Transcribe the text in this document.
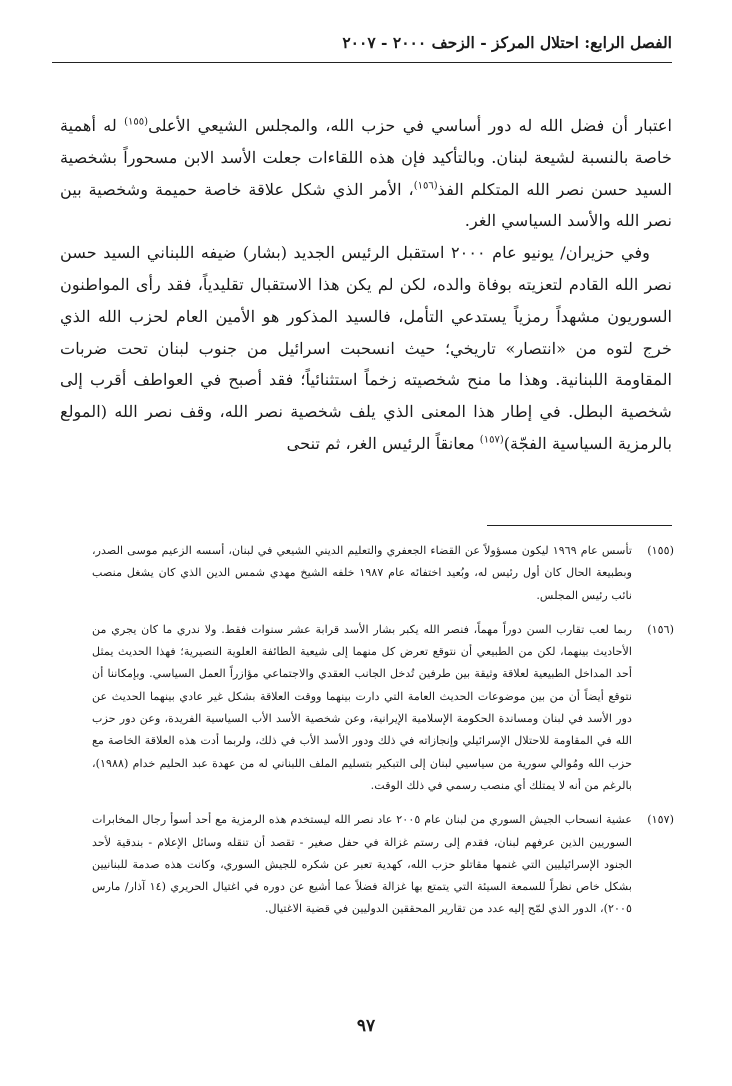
الفصل الرابع: احتلال المركز - الزحف ٢٠٠٠ - ٢٠٠٧

اعتبار أن فضل الله له دور أساسي في حزب الله، والمجلس الشيعي الأعلى$^{(١٥٥)}$ له أهمية خاصة بالنسبة لشيعة لبنان. وبالتأكيد فإن هذه اللقاءات جعلت الأسد الابن مسحوراً بشخصية السيد حسن نصر الله المتكلم الفذ$^{(١٥٦)}$، الأمر الذي شكل علاقة خاصة حميمة وشخصية بين نصر الله والأسد السياسي الغر.

وفي حزيران/ يونيو عام ٢٠٠٠ استقبل الرئيس الجديد (بشار) ضيفه اللبناني السيد حسن نصر الله القادم لتعزيته بوفاة والده، لكن لم يكن هذا الاستقبال تقليدياً، فقد رأى المواطنون السوريون مشهداً رمزياً يستدعي التأمل، فالسيد المذكور هو الأمين العام لحزب الله الذي خرج لتوه من «انتصار» تاريخي؛ حيث انسحبت اسرائيل من جنوب لبنان تحت ضربات المقاومة اللبنانية. وهذا ما منح شخصيته زخماً استثنائياً؛ فقد أصبح في العواطف أقرب إلى شخصية البطل. في إطار هذا المعنى الذي يلف شخصية نصر الله، وقف نصر الله (المولع بالرمزية السياسية الفجّة)$^{(١٥٧)}$ معانقاً الرئيس الغر، ثم تنحى

(١٥٥)
تأسس عام ١٩٦٩ ليكون مسؤولاً عن القضاء الجعفري والتعليم الديني الشيعي في لبنان، أسسه الزعيم موسى الصدر، وبطبيعة الحال كان أول رئيس له، وبُعيد اختفائه عام ١٩٨٧ خلفه الشيخ مهدي شمس الدين الذي كان يشغل منصب نائب رئيس المجلس.
(١٥٦)
ربما لعب تقارب السن دوراً مهماً، فنصر الله يكبر بشار الأسد قرابة عشر سنوات فقط. ولا ندري ما كان يجري من الأحاديث بينهما، لكن من الطبيعي أن نتوقع تعرض كل منهما إلى شيعية الطائفة العلوية النصيرية؛ فهذا الحديث يمثل أحد المداخل الطبيعية لعلاقة وثيقة بين طرفين تُدخل الجانب العقدي والاجتماعي مؤازراً العمل السياسي. وبإمكاننا أن نتوقع أيضاً أن من بين موضوعات الحديث العامة التي دارت بينهما ووقت العلاقة بشكل غير عادي بينهما الحديث عن دور الأسد في لبنان ومساندة الحكومة الإسلامية الإيرانية، وعن شخصية الأسد الأب السياسية الفريدة، وعن دور حزب الله في المقاومة للاحتلال الإسرائيلي وإنجازاته في ذلك ودور الأسد الأب في ذلك، ولربما أدت هذه العلاقة الخاصة مع حزب الله ومُوالي سورية من سياسيي لبنان إلى التبكير بتسليم الملف اللبناني له من عهدة عبد الحليم خدام (١٩٨٨)، بالرغم من أنه لا يمتلك أي منصب رسمي في ذلك الوقت.
(١٥٧)
عشية انسحاب الجيش السوري من لبنان عام ٢٠٠٥ عاد نصر الله ليستخدم هذه الرمزية مع أحد أسوأ رجال المخابرات السوريين الذين عرفهم لبنان، فقدم إلى رستم غزالة في حفل صغير - تقصد أن تنقله وسائل الإعلام - بندقية لأحد الجنود الإسرائيليين التي غنمها مقاتلو حزب الله، كهدية تعبر عن شكره للجيش السوري، وكانت هذه صدمة للبنانيين بشكل خاص نظراً للسمعة السيئة التي يتمتع بها غزالة فضلاً عما أشيع عن دوره في اغتيال الحريري (١٤ آذار/ مارس ٢٠٠٥)، الدور الذي لمّح إليه عدد من تقارير المحققين الدوليين في قضية الاغتيال.
٩٧
